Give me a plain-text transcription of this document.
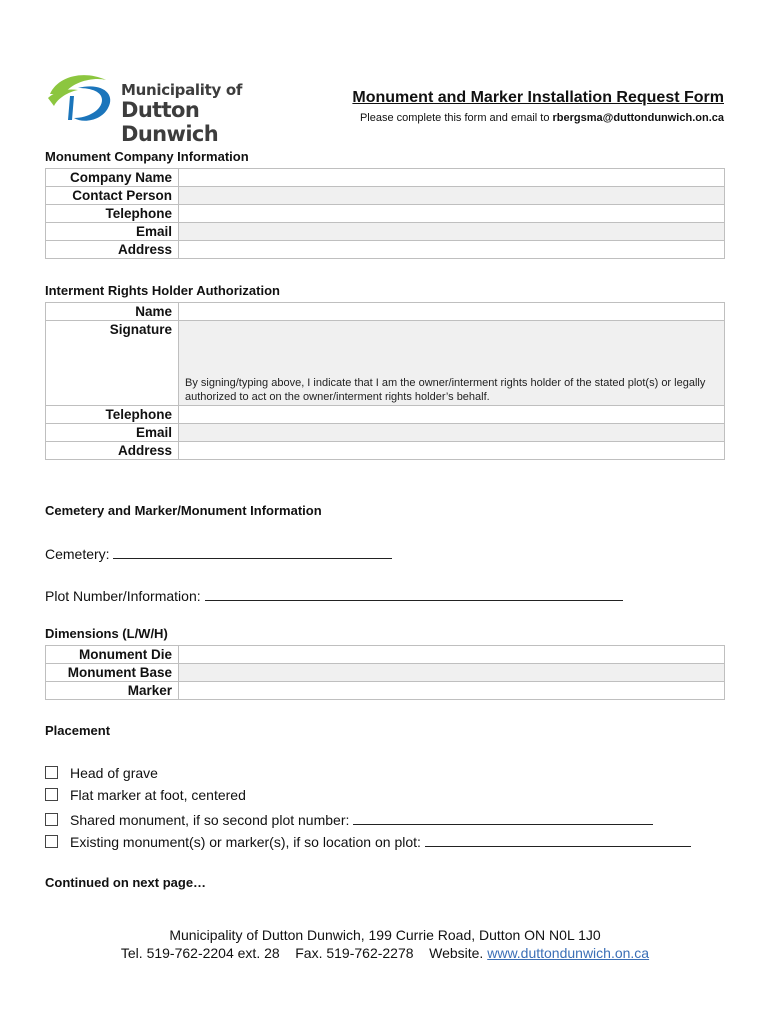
Municipality of
Dutton Dunwich
Monument and Marker Installation Request Form
Please complete this form and email to rbergsma@duttondunwich.on.ca
Monument Company Information
Company Name	
Contact Person	
Telephone	
Email	
Address	
Interment Rights Holder Authorization
Name	
Signature	By signing/typing above, I indicate that I am the owner/interment rights holder of the stated plot(s) or legally authorized to act on the owner/interment rights holder’s behalf.

Telephone	
Email	
Address	
Cemetery and Marker/Monument Information
Cemetery:
Plot Number/Information:
Dimensions (L/W/H)
Monument Die	
Monument Base	
Marker	
Placement
Head of grave
Flat marker at foot, centered
Shared monument, if so second plot number:
Existing monument(s) or marker(s), if so location on plot:
Continued on next page…
Municipality of Dutton Dunwich, 199 Currie Road, Dutton ON N0L 1J0
Tel. 519-762-2204 ext. 28 Fax. 519-762-2278 Website. www.duttondunwich.on.ca
